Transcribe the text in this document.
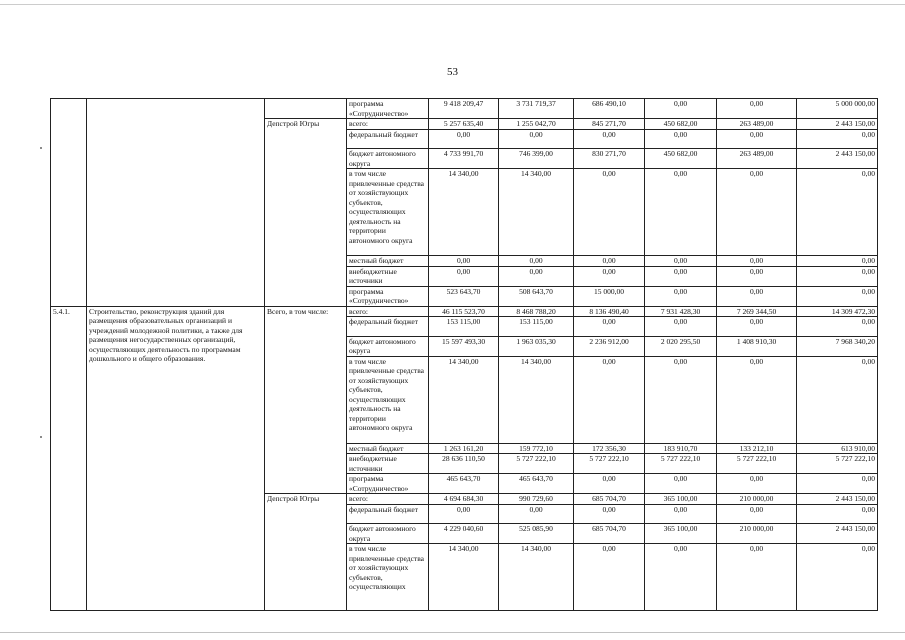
53
			программа «Сотрудничество»	9 418 209,47	3 731 719,37	686 490,10	0,00	0,00	5 000 000,00
		Депстрой Югры	всего:	5 257 635,40	1 255 042,70	845 271,70	450 682,00	263 489,00	2 443 150,00
			федеральный бюджет	0,00	0,00	0,00	0,00	0,00	0,00
			бюджет автономного округа	4 733 991,70	746 399,00	830 271,70	450 682,00	263 489,00	2 443 150,00
			в том числе привлеченные средства от хозяйствующих субъектов, осуществляющих деятельность на территории автономного округа	14 340,00	14 340,00	0,00	0,00	0,00	0,00
			местный бюджет	0,00	0,00	0,00	0,00	0,00	0,00
			внебюджетные источники	0,00	0,00	0,00	0,00	0,00	0,00
			программа «Сотрудничество»	523 643,70	508 643,70	15 000,00	0,00	0,00	0,00
5.4.1.	Строительство, реконструкция зданий для размещения образовательных организаций и учреждений молодежной политики, а также для размещения негосударственных организаций, осуществляющих деятельность по программам дошкольного и общего образования.	Всего, в том числе:	всего:	46 115 523,70	8 468 788,20	8 136 490,40	7 931 428,30	7 269 344,50	14 309 472,30
			федеральный бюджет	153 115,00	153 115,00	0,00	0,00	0,00	0,00
			бюджет автономного округа	15 597 493,30	1 963 035,30	2 236 912,00	2 020 295,50	1 408 910,30	7 968 340,20
			в том числе привлеченные средства от хозяйствующих субъектов, осуществляющих деятельность на территории автономного округа	14 340,00	14 340,00	0,00	0,00	0,00	0,00
			местный бюджет	1 263 161,20	159 772,10	172 356,30	183 910,70	133 212,10	613 910,00
			внебюджетные источники	28 636 110,50	5 727 222,10	5 727 222,10	5 727 222,10	5 727 222,10	5 727 222,10
			программа «Сотрудничество»	465 643,70	465 643,70	0,00	0,00	0,00	0,00
		Депстрой Югры	всего:	4 694 684,30	990 729,60	685 704,70	365 100,00	210 000,00	2 443 150,00
			федеральный бюджет	0,00	0,00	0,00	0,00	0,00	0,00
			бюджет автономного округа	4 229 040,60	525 085,90	685 704,70	365 100,00	210 000,00	2 443 150,00
			в том числе привлеченные средства от хозяйствующих субъектов, осуществляющих	14 340,00	14 340,00	0,00	0,00	0,00	0,00
